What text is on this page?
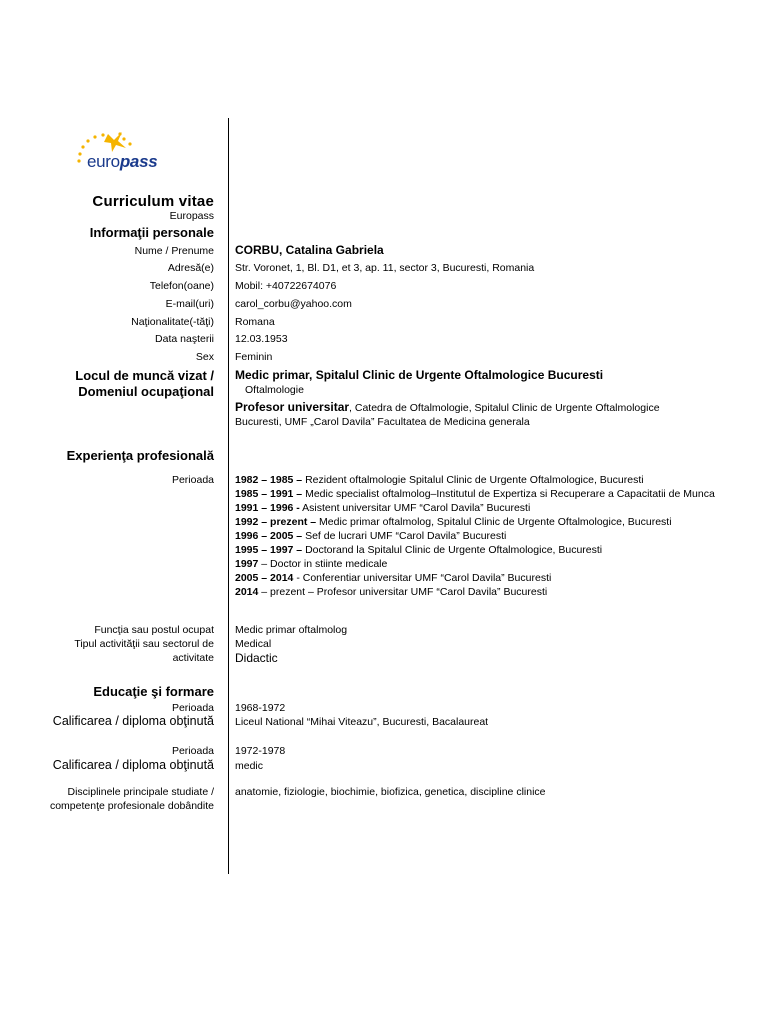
europass
Curriculum vitae
Europass
Informaţii personale
Nume / Prenume CORBU, Catalina Gabriela
Adresă(e) Str. Voronet, 1, Bl. D1, et 3, ap. 11, sector 3, Bucuresti, Romania
Telefon(oane) Mobil: +40722674076
E-mail(uri) carol_corbu@yahoo.com
Naţionalitate(-tăţi) Romana
Data naşterii 12.03.1953
Sex Feminin
Locul de muncă vizat /
Domeniul ocupaţional
Medic primar, Spitalul Clinic de Urgente Oftalmologice Bucuresti
Oftalmologie
Profesor universitar, Catedra de Oftalmologie, Spitalul Clinic de Urgente Oftalmologice
Bucuresti, UMF „Carol Davila” Facultatea de Medicina generala
Experienţa profesională
Perioada 1982 – 1985 – Rezident oftalmologie Spitalul Clinic de Urgente Oftalmologice, Bucuresti
1985 – 1991 – Medic specialist oftalmolog–Institutul de Expertiza si Recuperare a Capacitatii de Munca
1991 – 1996 - Asistent universitar UMF “Carol Davila” Bucuresti
1992 – prezent – Medic primar oftalmolog, Spitalul Clinic de Urgente Oftalmologice, Bucuresti
1996 – 2005 – Sef de lucrari UMF “Carol Davila” Bucuresti
1995 – 1997 – Doctorand la Spitalul Clinic de Urgente Oftalmologice, Bucuresti
1997 – Doctor in stiinte medicale
2005 – 2014 - Conferentiar universitar UMF “Carol Davila” Bucuresti
2014 – prezent – Profesor universitar UMF “Carol Davila” Bucuresti
Funcţia sau postul ocupat Medic primar oftalmolog
Tipul activităţii sau sectorul de
activitate
Medical
Didactic
Educaţie şi formare
Perioada 1968-1972
Calificarea / diploma obţinută Liceul National “Mihai Viteazu”, Bucuresti, Bacalaureat
Perioada 1972-1978
Calificarea / diploma obţinută medic
Disciplinele principale studiate /
competenţe profesionale dobândite
anatomie, fiziologie, biochimie, biofizica, genetica, discipline clinice
